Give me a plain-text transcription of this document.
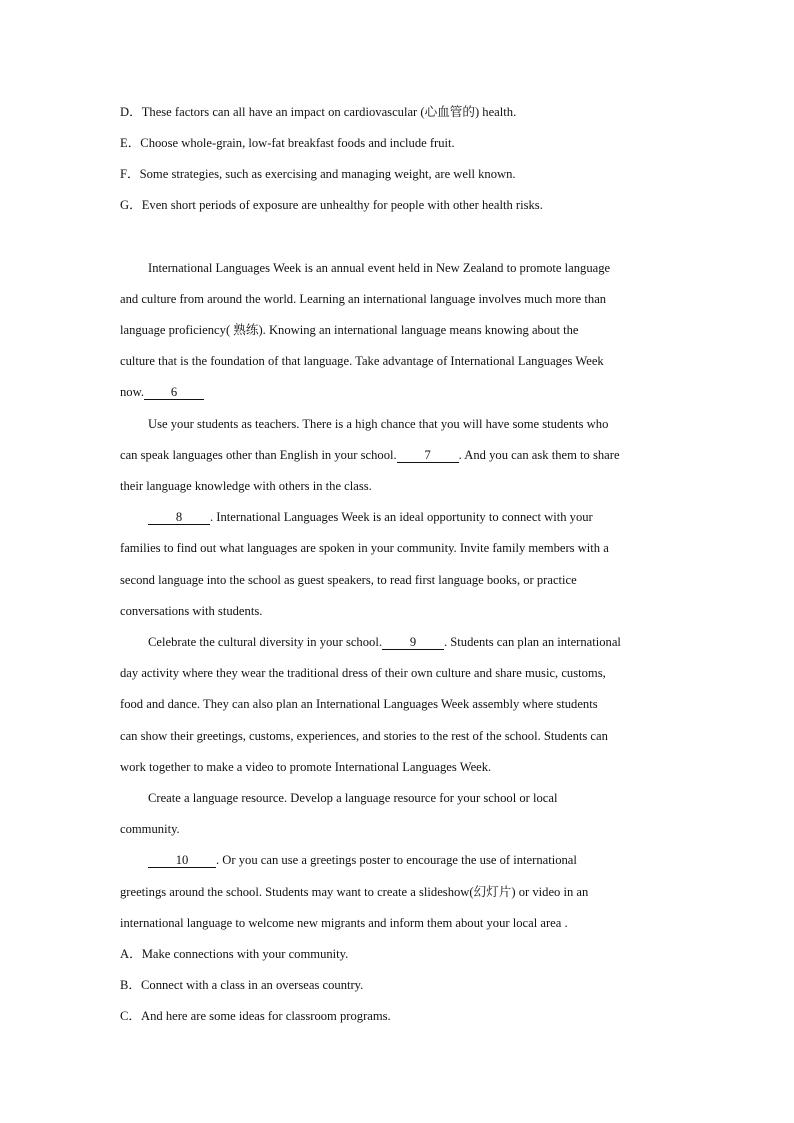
D．These factors can all have an impact on cardiovascular (心血管的) health.
E．Choose whole-grain, low-fat breakfast foods and include fruit.
F．Some strategies, such as exercising and managing weight, are well known.
G．Even short periods of exposure are unhealthy for people with other health risks.
International Languages Week is an annual event held in New Zealand to promote language
and culture from around the world. Learning an international language involves much more than
language proficiency( 熟练). Knowing an international language means knowing about the
culture that is the foundation of that language. Take advantage of International Languages Week
now. 6
Use your students as teachers. There is a high chance that you will have some students who
can speak languages other than English in your school. 7 . And you can ask them to share
their language knowledge with others in the class.
8 . International Languages Week is an ideal opportunity to connect with your
families to find out what languages are spoken in your community. Invite family members with a
second language into the school as guest speakers, to read first language books, or practice
conversations with students.
Celebrate the cultural diversity in your school. 9 . Students can plan an international
day activity where they wear the traditional dress of their own culture and share music, customs,
food and dance. They can also plan an International Languages Week assembly where students
can show their greetings, customs, experiences, and stories to the rest of the school. Students can
work together to make a video to promote International Languages Week.
Create a language resource. Develop a language resource for your school or local
community.
10 . Or you can use a greetings poster to encourage the use of international
greetings around the school. Students may want to create a slideshow(幻灯片) or video in an
international language to welcome new migrants and inform them about your local area .
A．Make connections with your community.
B．Connect with a class in an overseas country.
C．And here are some ideas for classroom programs.
